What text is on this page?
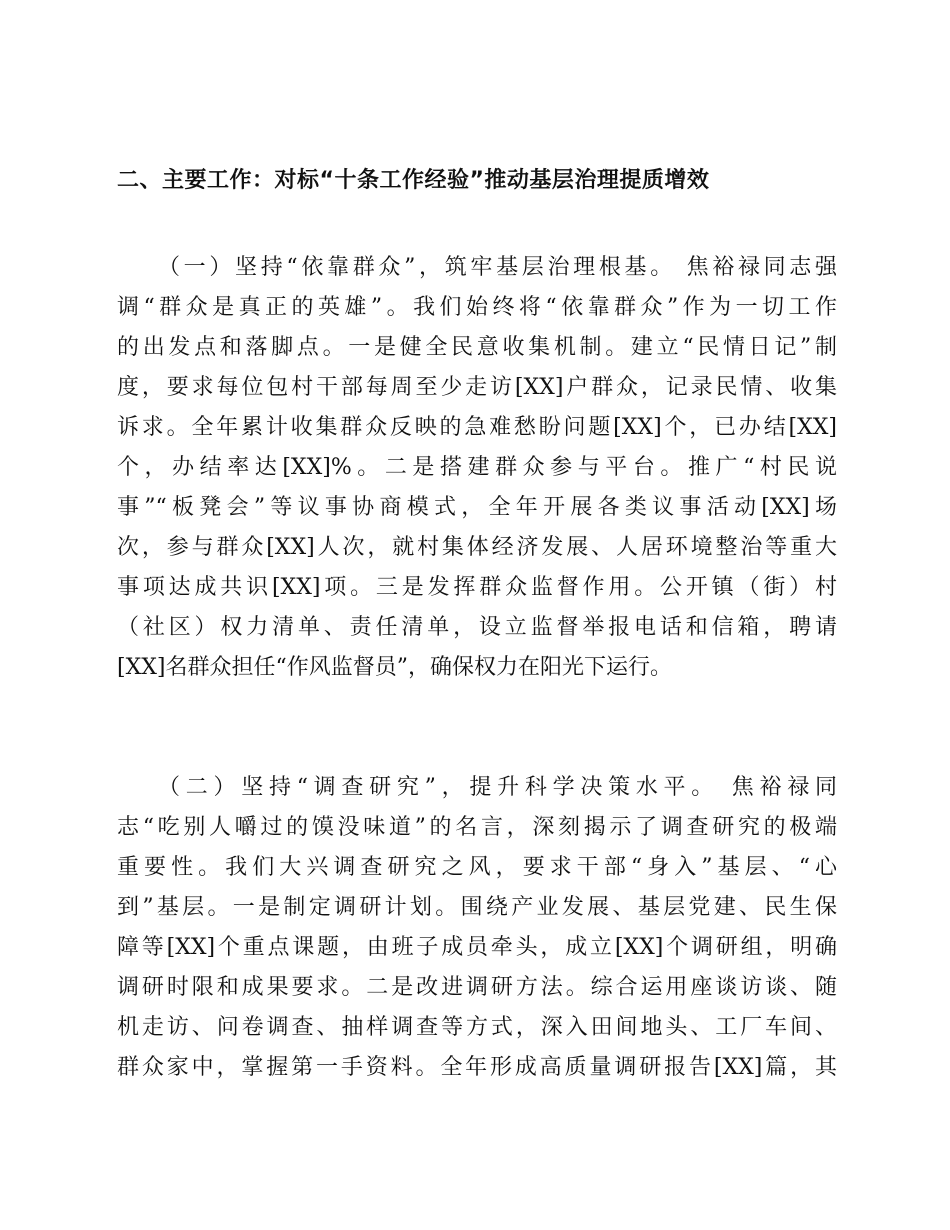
二、主要工作：对标“十条工作经验”推动基层治理提质增效
（一）坚持“依靠群众”，筑牢基层治理根基。 焦裕禄同志强
调“群众是真正的英雄”。我们始终将“依靠群众”作为一切工作
的出发点和落脚点。一是健全民意收集机制。建立“民情日记”制
度，要求每位包村干部每周至少走访[XX]户群众，记录民情、收集
诉求。全年累计收集群众反映的急难愁盼问题[XX]个，已办结[XX]
个，办结率达[XX]%。二是搭建群众参与平台。推广“村民说
事”“板凳会”等议事协商模式，全年开展各类议事活动[XX]场
次，参与群众[XX]人次，就村集体经济发展、人居环境整治等重大
事项达成共识[XX]项。三是发挥群众监督作用。公开镇（街）村
（社区）权力清单、责任清单，设立监督举报电话和信箱，聘请
[XX]名群众担任“作风监督员”，确保权力在阳光下运行。
（二）坚持“调查研究”，提升科学决策水平。 焦裕禄同
志“吃别人嚼过的馍没味道”的名言，深刻揭示了调查研究的极端
重要性。我们大兴调查研究之风，要求干部“身入”基层、“心
到”基层。一是制定调研计划。围绕产业发展、基层党建、民生保
障等[XX]个重点课题，由班子成员牵头，成立[XX]个调研组，明确
调研时限和成果要求。二是改进调研方法。综合运用座谈访谈、随
机走访、问卷调查、抽样调查等方式，深入田间地头、工厂车间、
群众家中，掌握第一手资料。全年形成高质量调研报告[XX]篇，其
